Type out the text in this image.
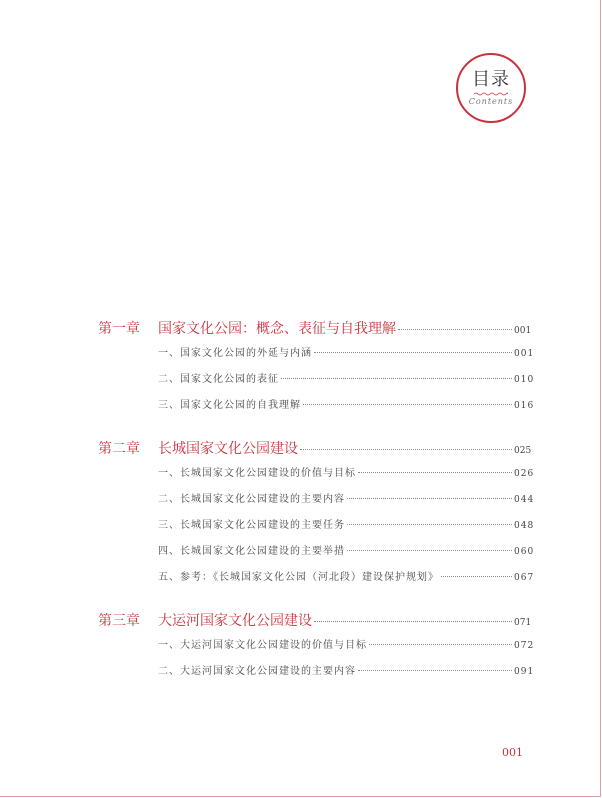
目录
Contents
第一章	国家文化公园：概念、表征与自我理解	001
一、国家文化公园的外延与内涵	001
二、国家文化公园的表征	010
三、国家文化公园的自我理解	016
第二章	长城国家文化公园建设	025
一、长城国家文化公园建设的价值与目标	026
二、长城国家文化公园建设的主要内容	044
三、长城国家文化公园建设的主要任务	048
四、长城国家文化公园建设的主要举措	060
五、参考：《长城国家文化公园（河北段）建设保护规划》	067
第三章	大运河国家文化公园建设	071
一、大运河国家文化公园建设的价值与目标	072
二、大运河国家文化公园建设的主要内容	091
001
